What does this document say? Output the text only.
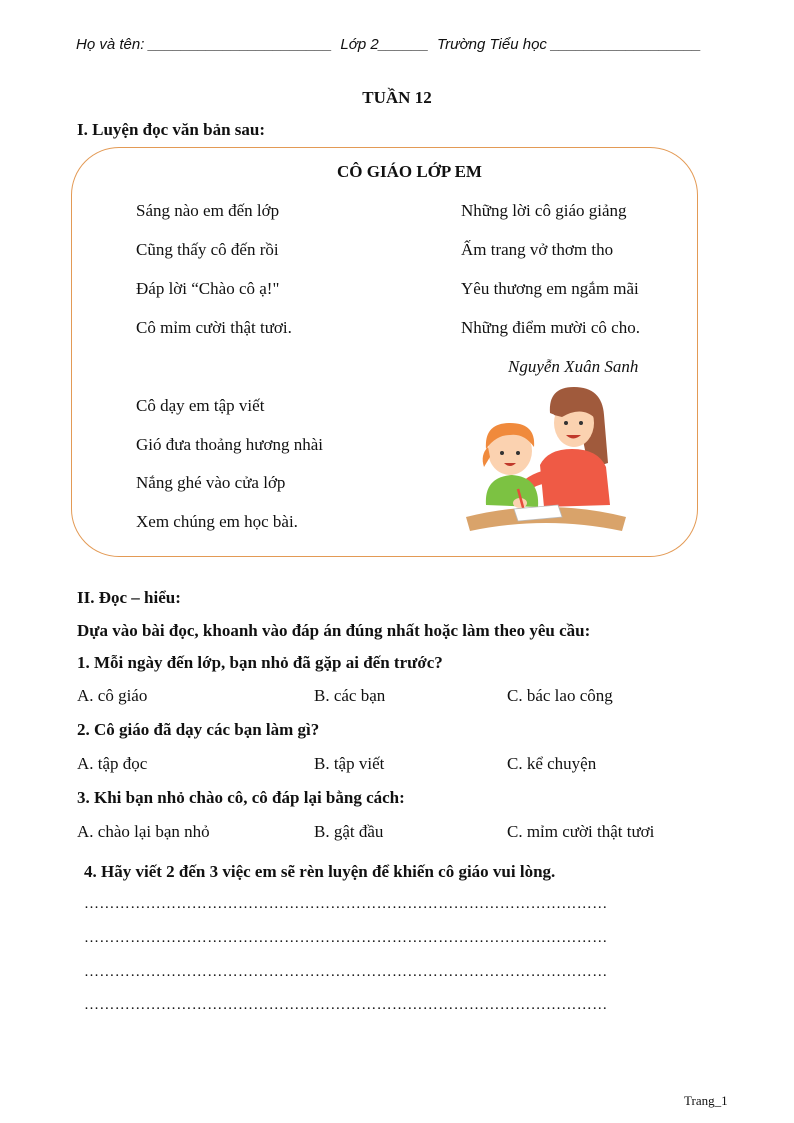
Họ và tên: ______________________  Lớp 2______  Trường Tiểu học __________________
TUẦN 12
I. Luyện đọc văn bản sau:
CÔ GIÁO LỚP EM
Sáng nào em đến lớp
Cũng thấy cô đến rồi
Đáp lời “Chào cô ạ!"
Cô mỉm cười thật tươi.
Những lời cô giáo giảng
Ấm trang vở thơm tho
Yêu thương em ngắm mãi
Những điểm mười cô cho.
Nguyễn Xuân Sanh
Cô dạy em tập viết
Gió đưa thoảng hương nhài
Nắng ghé vào cửa lớp
Xem chúng em học bài.
II. Đọc – hiểu:
Dựa vào bài đọc, khoanh vào đáp án đúng nhất hoặc làm theo yêu cầu:
1. Mỗi ngày đến lớp, bạn nhỏ đã gặp ai đến trước?
A. cô giáo	B. các bạn	C. bác lao công
2. Cô giáo đã dạy các bạn làm gì?
A. tập đọc	B. tập viết	C. kể chuyện
3. Khi bạn nhỏ chào cô, cô đáp lại bằng cách:
A. chào lại bạn nhỏ	B. gật đầu	C. mỉm cười thật tươi
4. Hãy viết 2 đến 3 việc em sẽ rèn luyện để khiến cô giáo vui lòng.
…………………………………………………………………………………………
…………………………………………………………………………………………
…………………………………………………………………………………………
…………………………………………………………………………………………
Trang_1
